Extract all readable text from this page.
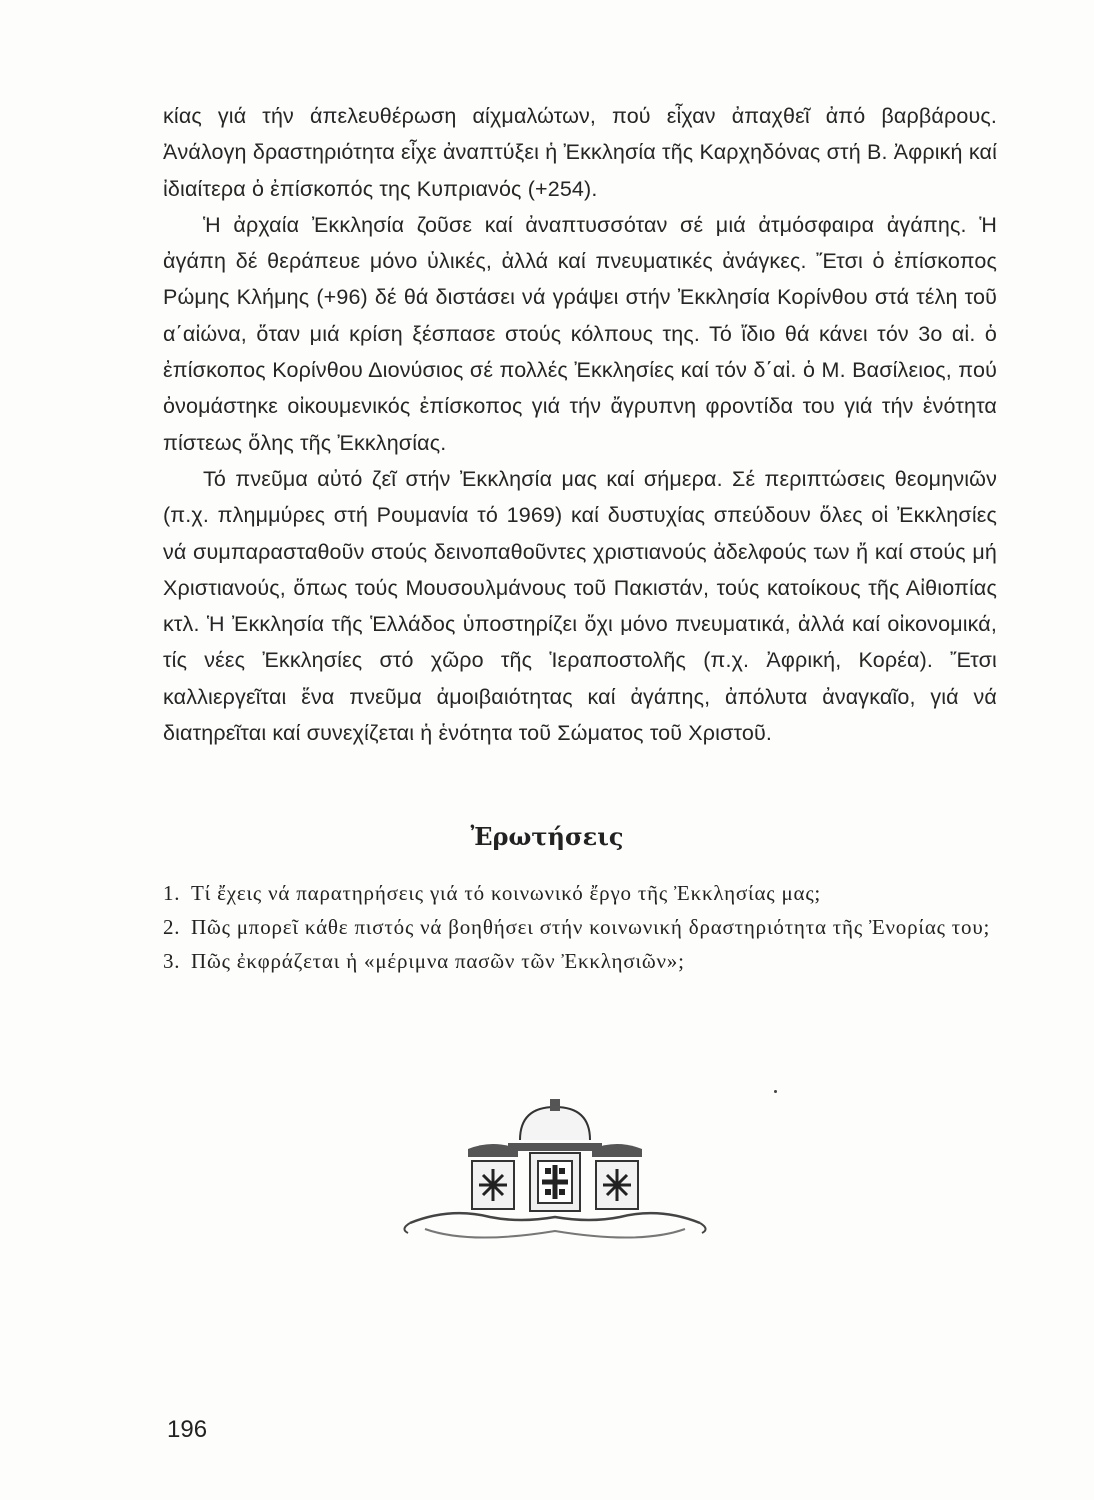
κίας γιά τήν άπελευθέρωση αίχμαλώτων, πού εἶχαν ἀπαχθεῖ ἀπό βαρβάρους. Ἀνάλογη δραστηριότητα εἶχε ἀναπτύξει ἡ Ἐκκλησία τῆς Καρχηδόνας στή Β. Ἀφρική καί ἰδιαίτερα ὁ ἐπίσκοπός της Κυπριανός (+254).

Ἡ ἀρχαία Ἐκκλησία ζοῦσε καί ἀναπτυσσόταν σέ μιά ἀτμόσφαιρα ἀγάπης. Ἡ ἀγάπη δέ θεράπευε μόνο ὑλικές, ἀλλά καί πνευματικές ἀνάγκες. Ἔτσι ὁ ἐπίσκοπος Ρώμης Κλήμης (+96) δέ θά διστάσει νά γράψει στήν Ἐκκλησία Κορίνθου στά τέλη τοῦ α΄αἰώνα, ὅταν μιά κρίση ξέσπασε στούς κόλπους της. Τό ἴδιο θά κάνει τόν 3ο αἰ. ὁ ἐπίσκοπος Κορίνθου Διονύσιος σέ πολλές Ἐκκλησίες καί τόν δ΄αἰ. ὁ Μ. Βασίλειος, πού ὀνομάστηκε οἰκουμενικός ἐπίσκοπος γιά τήν ἄγρυπνη φροντίδα του γιά τήν ἑνότητα πίστεως ὅλης τῆς Ἐκκλησίας.

Τό πνεῦμα αὐτό ζεῖ στήν Ἐκκλησία μας καί σήμερα. Σέ περιπτώσεις θεομηνιῶν (π.χ. πλημμύρες στή Ρουμανία τό 1969) καί δυστυχίας σπεύδουν ὅλες οἱ Ἐκκλησίες νά συμπαρασταθοῦν στούς δεινοπαθοῦντες χριστιανούς ἀδελφούς των ἤ καί στούς μή Χριστιανούς, ὅπως τούς Μουσουλμάνους τοῦ Πακιστάν, τούς κατοίκους τῆς Αἰθιοπίας κτλ. Ἡ Ἐκκλησία τῆς Ἑλλάδος ὑποστηρίζει ὄχι μόνο πνευματικά, ἀλλά καί οἰκονομικά, τίς νέες Ἐκκλησίες στό χῶρο τῆς Ἱεραποστολῆς (π.χ. Ἀφρική, Κορέα). Ἔτσι καλλιεργεῖται ἕνα πνεῦμα ἀμοιβαιότητας καί ἀγάπης, ἀπόλυτα ἀναγκαῖο, γιά νά διατηρεῖται καί συνεχίζεται ἡ ἑνότητα τοῦ Σώματος τοῦ Χριστοῦ.

Ἐρωτήσεις
1. Τί ἔχεις νά παρατηρήσεις γιά τό κοινωνικό ἔργο τῆς Ἐκκλησίας μας;
2. Πῶς μπορεῖ κάθε πιστός νά βοηθήσει στήν κοινωνική δραστηριότητα τῆς Ἐνορίας του;
3. Πῶς ἐκφράζεται ἡ «μέριμνα πασῶν τῶν Ἐκκλησιῶν»;
196
